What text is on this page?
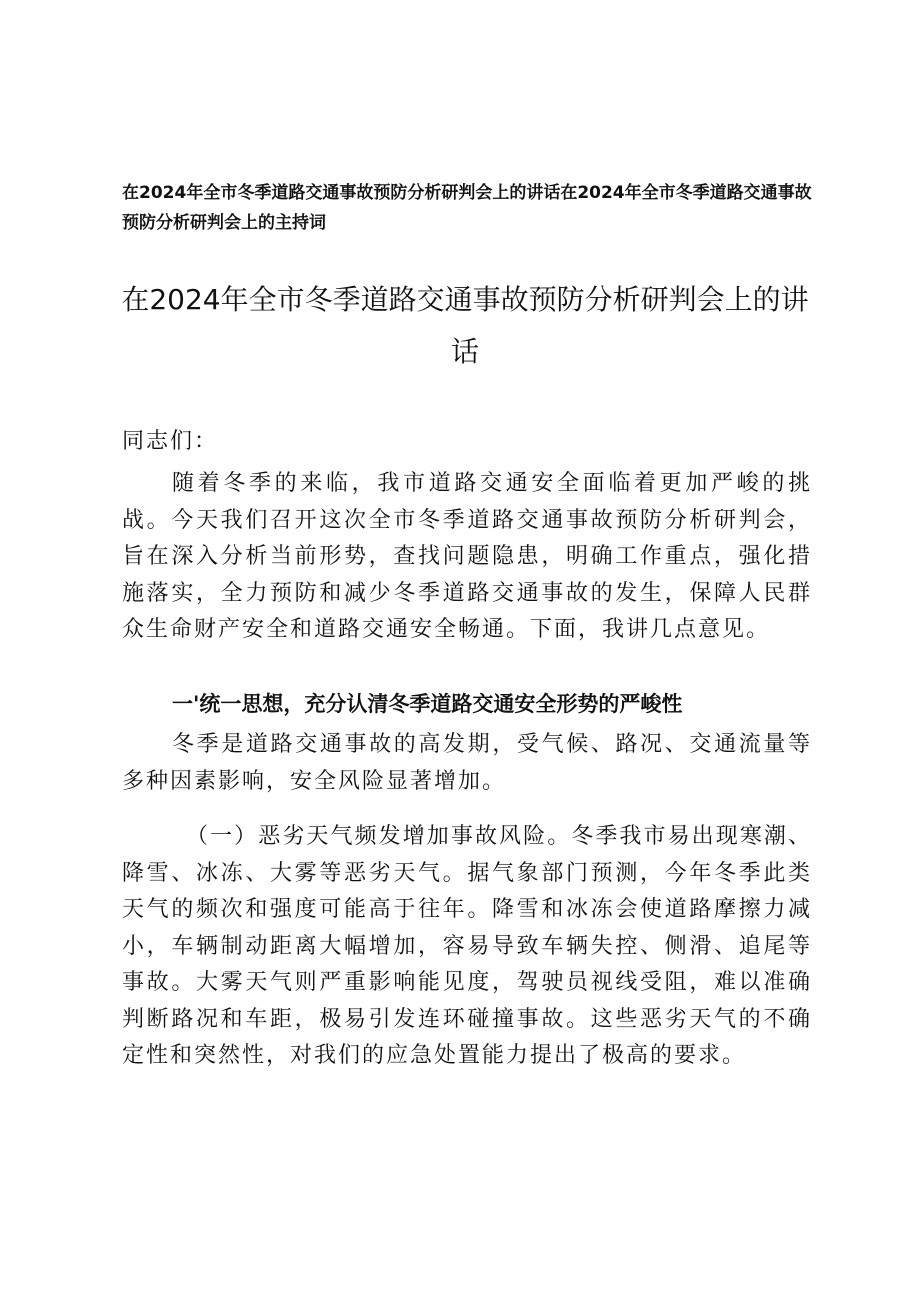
在2024年全市冬季道路交通事故预防分析研判会上的讲话在2024年全市冬季道路交通事故预防分析研判会上的主持词
在2024年全市冬季道路交通事故预防分析研判会上的讲
话
同志们：
随着冬季的来临，我市道路交通安全面临着更加严峻的挑战。今天我们召开这次全市冬季道路交通事故预防分析研判会，旨在深入分析当前形势，查找问题隐患，明确工作重点，强化措施落实，全力预防和减少冬季道路交通事故的发生，保障人民群众生命财产安全和道路交通安全畅通。下面，我讲几点意见。
一'统一思想，充分认清冬季道路交通安全形势的严峻性
冬季是道路交通事故的高发期，受气候、路况、交通流量等多种因素影响，安全风险显著增加。
（一）恶劣天气频发增加事故风险。冬季我市易出现寒潮、降雪、冰冻、大雾等恶劣天气。据气象部门预测，今年冬季此类天气的频次和强度可能高于往年。降雪和冰冻会使道路摩擦力减小，车辆制动距离大幅增加，容易导致车辆失控、侧滑、追尾等事故。大雾天气则严重影响能见度，驾驶员视线受阻，难以准确判断路况和车距，极易引发连环碰撞事故。这些恶劣天气的不确定性和突然性，对我们的应急处置能力提出了极高的要求。
